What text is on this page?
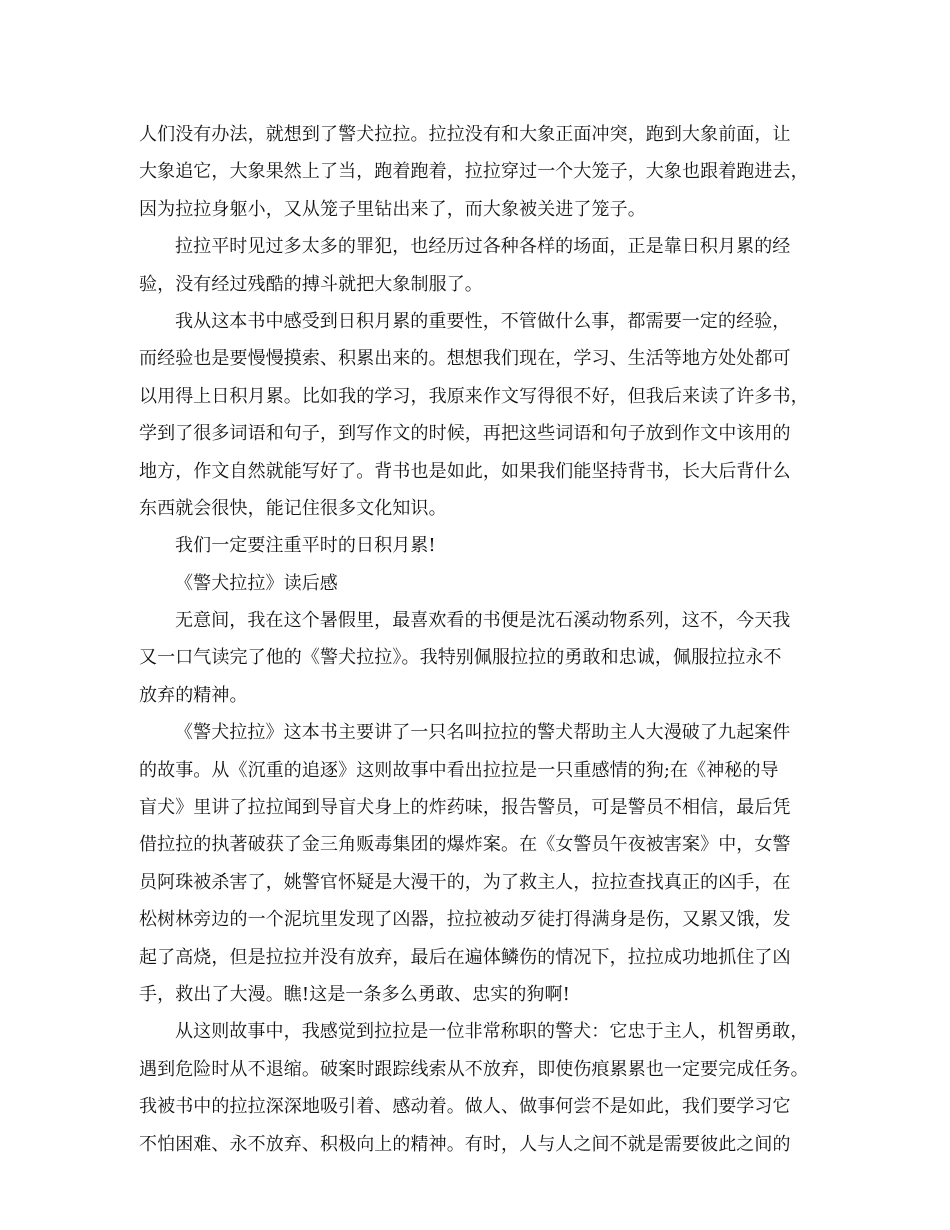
人们没有办法，就想到了警犬拉拉。拉拉没有和大象正面冲突，跑到大象前面，让
大象追它，大象果然上了当，跑着跑着，拉拉穿过一个大笼子，大象也跟着跑进去，
因为拉拉身躯小，又从笼子里钻出来了，而大象被关进了笼子。
拉拉平时见过多太多的罪犯，也经历过各种各样的场面，正是靠日积月累的经
验，没有经过残酷的搏斗就把大象制服了。
我从这本书中感受到日积月累的重要性，不管做什么事，都需要一定的经验，
而经验也是要慢慢摸索、积累出来的。想想我们现在，学习、生活等地方处处都可
以用得上日积月累。比如我的学习，我原来作文写得很不好，但我后来读了许多书，
学到了很多词语和句子，到写作文的时候，再把这些词语和句子放到作文中该用的
地方，作文自然就能写好了。背书也是如此，如果我们能坚持背书，长大后背什么
东西就会很快，能记住很多文化知识。
我们一定要注重平时的日积月累!
《警犬拉拉》读后感
无意间，我在这个暑假里，最喜欢看的书便是沈石溪动物系列，这不，今天我
又一口气读完了他的《警犬拉拉》。我特别佩服拉拉的勇敢和忠诚，佩服拉拉永不
放弃的精神。
《警犬拉拉》这本书主要讲了一只名叫拉拉的警犬帮助主人大漫破了九起案件
的故事。从《沉重的追逐》这则故事中看出拉拉是一只重感情的狗;在《神秘的导
盲犬》里讲了拉拉闻到导盲犬身上的炸药味，报告警员，可是警员不相信，最后凭
借拉拉的执著破获了金三角贩毒集团的爆炸案。在《女警员午夜被害案》中，女警
员阿珠被杀害了，姚警官怀疑是大漫干的，为了救主人，拉拉查找真正的凶手，在
松树林旁边的一个泥坑里发现了凶器，拉拉被动歹徒打得满身是伤，又累又饿，发
起了高烧，但是拉拉并没有放弃，最后在遍体鳞伤的情况下，拉拉成功地抓住了凶
手，救出了大漫。瞧!这是一条多么勇敢、忠实的狗啊!
从这则故事中，我感觉到拉拉是一位非常称职的警犬：它忠于主人，机智勇敢，
遇到危险时从不退缩。破案时跟踪线索从不放弃，即使伤痕累累也一定要完成任务。
我被书中的拉拉深深地吸引着、感动着。做人、做事何尝不是如此，我们要学习它
不怕困难、永不放弃、积极向上的精神。有时，人与人之间不就是需要彼此之间的
